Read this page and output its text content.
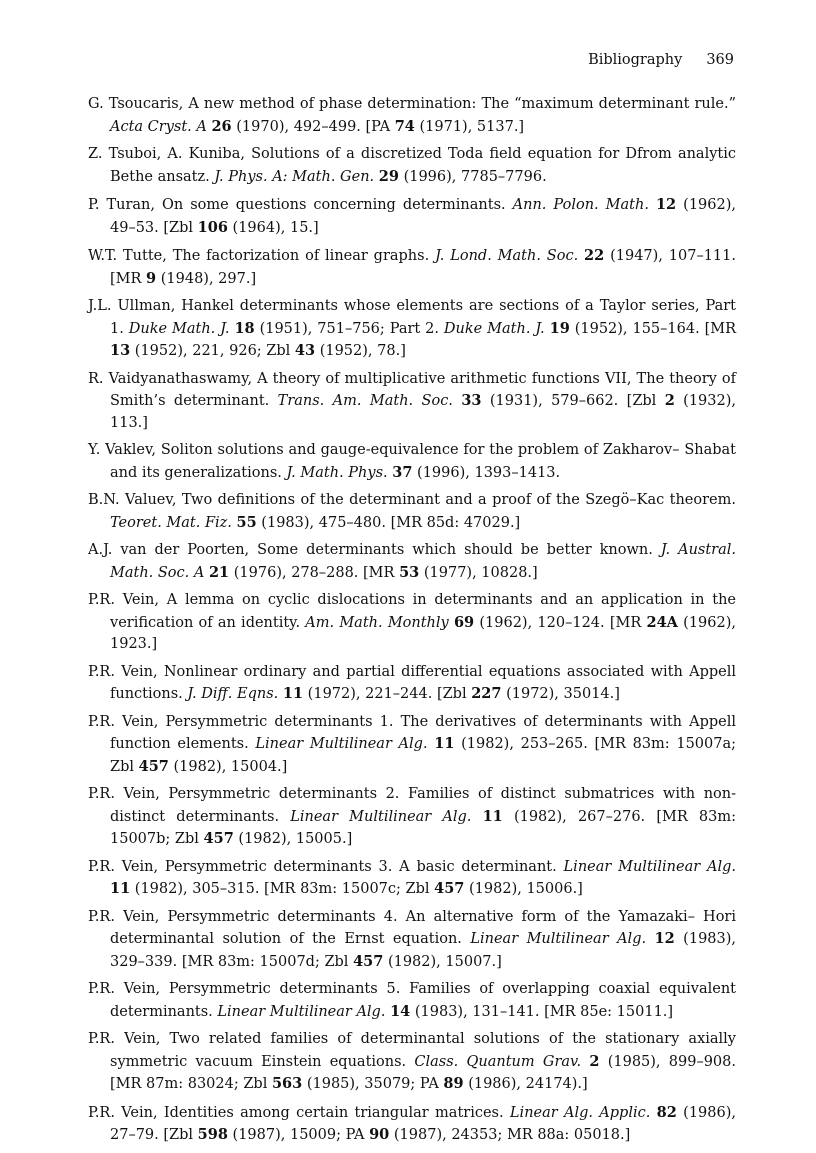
Bibliography 369
G. Tsoucaris, A new method of phase determination: The “maximum determinant rule.” Acta Cryst. A 26 (1970), 492–499. [PA 74 (1971), 5137.]
Z. Tsuboi, A. Kuniba, Solutions of a discretized Toda field equation for Dfrom analytic Bethe ansatz. J. Phys. A: Math. Gen. 29 (1996), 7785–7796.
P. Turan, On some questions concerning determinants. Ann. Polon. Math. 12 (1962), 49–53. [Zbl 106 (1964), 15.]
W.T. Tutte, The factorization of linear graphs. J. Lond. Math. Soc. 22 (1947), 107–111. [MR 9 (1948), 297.]
J.L. Ullman, Hankel determinants whose elements are sections of a Taylor series, Part 1. Duke Math. J. 18 (1951), 751–756; Part 2. Duke Math. J. 19 (1952), 155–164. [MR 13 (1952), 221, 926; Zbl 43 (1952), 78.]
R. Vaidyanathaswamy, A theory of multiplicative arithmetic functions VII, The theory of Smith’s determinant. Trans. Am. Math. Soc. 33 (1931), 579–662. [Zbl 2 (1932), 113.]
Y. Vaklev, Soliton solutions and gauge-equivalence for the problem of Zakharov– Shabat and its generalizations. J. Math. Phys. 37 (1996), 1393–1413.
B.N. Valuev, Two definitions of the determinant and a proof of the Szegö–Kac theorem. Teoret. Mat. Fiz. 55 (1983), 475–480. [MR 85d: 47029.]
A.J. van der Poorten, Some determinants which should be better known. J. Austral. Math. Soc. A 21 (1976), 278–288. [MR 53 (1977), 10828.]
P.R. Vein, A lemma on cyclic dislocations in determinants and an application in the verification of an identity. Am. Math. Monthly 69 (1962), 120–124. [MR 24A (1962), 1923.]
P.R. Vein, Nonlinear ordinary and partial differential equations associated with Appell functions. J. Diff. Eqns. 11 (1972), 221–244. [Zbl 227 (1972), 35014.]
P.R. Vein, Persymmetric determinants 1. The derivatives of determinants with Appell function elements. Linear Multilinear Alg. 11 (1982), 253–265. [MR 83m: 15007a; Zbl 457 (1982), 15004.]
P.R. Vein, Persymmetric determinants 2. Families of distinct submatrices with non-distinct determinants. Linear Multilinear Alg. 11 (1982), 267–276. [MR 83m: 15007b; Zbl 457 (1982), 15005.]
P.R. Vein, Persymmetric determinants 3. A basic determinant. Linear Multilinear Alg. 11 (1982), 305–315. [MR 83m: 15007c; Zbl 457 (1982), 15006.]
P.R. Vein, Persymmetric determinants 4. An alternative form of the Yamazaki– Hori determinantal solution of the Ernst equation. Linear Multilinear Alg. 12 (1983), 329–339. [MR 83m: 15007d; Zbl 457 (1982), 15007.]
P.R. Vein, Persymmetric determinants 5. Families of overlapping coaxial equivalent determinants. Linear Multilinear Alg. 14 (1983), 131–141. [MR 85e: 15011.]
P.R. Vein, Two related families of determinantal solutions of the stationary axially symmetric vacuum Einstein equations. Class. Quantum Grav. 2 (1985), 899–908. [MR 87m: 83024; Zbl 563 (1985), 35079; PA 89 (1986), 24174).]
P.R. Vein, Identities among certain triangular matrices. Linear Alg. Applic. 82 (1986), 27–79. [Zbl 598 (1987), 15009; PA 90 (1987), 24353; MR 88a: 05018.]
